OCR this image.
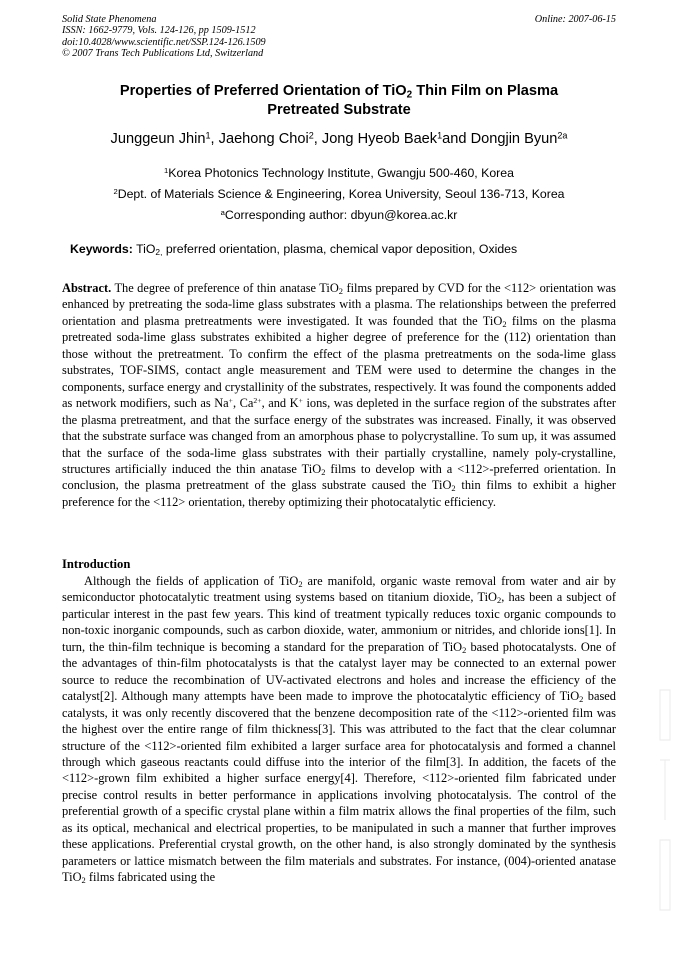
Solid State Phenomena
ISSN: 1662-9779, Vols. 124-126, pp 1509-1512
doi:10.4028/www.scientific.net/SSP.124-126.1509
© 2007 Trans Tech Publications Ltd, Switzerland
Online: 2007-06-15
Properties of Preferred Orientation of TiO$_2$ Thin Film on Plasma
Pretreated Substrate
Junggeun Jhin$^1$, Jaehong Choi$^2$, Jong Hyeob Baek$^1$and Dongjin Byun$^{2a}$
$^1$Korea Photonics Technology Institute, Gwangju 500-460, Korea
$^2$Dept. of Materials Science & Engineering, Korea University, Seoul 136-713, Korea
$^a$Corresponding author: dbyun@korea.ac.kr
Keywords: TiO$_{2,}$ preferred orientation, plasma, chemical vapor deposition, Oxides
Abstract. The degree of preference of thin anatase TiO$_2$ films prepared by CVD for the <112> orientation was enhanced by pretreating the soda-lime glass substrates with a plasma. The relationships between the preferred orientation and plasma pretreatments were investigated. It was founded that the TiO$_2$ films on the plasma pretreated soda-lime glass substrates exhibited a higher degree of preference for the (112) orientation than those without the pretreatment. To confirm the effect of the plasma pretreatments on the soda-lime glass substrates, TOF-SIMS, contact angle measurement and TEM were used to determine the changes in the components, surface energy and crystallinity of the substrates, respectively. It was found the components added as network modifiers, such as Na+, $Ca^{2+}$, and K+ ions, was depleted in the surface region of the substrates after the plasma pretreatment, and that the surface energy of the substrates was increased. Finally, it was observed that the substrate surface was changed from an amorphous phase to polycrystalline. To sum up, it was assumed that the surface of the soda-lime glass substrates with their partially crystalline, namely poly-crystalline, structures artificially induced the thin anatase TiO$_2$ films to develop with a <112>-preferred orientation. In conclusion, the plasma pretreatment of the glass substrate caused the TiO$_2$ thin films to exhibit a higher preference for the <112> orientation, thereby optimizing their photocatalytic efficiency.
Introduction
Although the fields of application of TiO$_2$ are manifold, organic waste removal from water and air by semiconductor photocatalytic treatment using systems based on titanium dioxide, TiO$_2$, has been a subject of particular interest in the past few years. This kind of treatment typically reduces toxic organic compounds to non-toxic inorganic compounds, such as carbon dioxide, water, ammonium or nitrides, and chloride ions[1]. In turn, the thin-film technique is becoming a standard for the preparation of TiO$_2$ based photocatalysts. One of the advantages of thin-film photocatalysts is that the catalyst layer may be connected to an external power source to reduce the recombination of UV-activated electrons and holes and increase the efficiency of the catalyst[2]. Although many attempts have been made to improve the photocatalytic efficiency of TiO$_2$ based catalysts, it was only recently discovered that the benzene decomposition rate of the <112>-oriented film was the highest over the entire range of film thickness[3]. This was attributed to the fact that the clear columnar structure of the <112>-oriented film exhibited a larger surface area for photocatalysis and formed a channel through which gaseous reactants could diffuse into the interior of the film[3]. In addition, the facets of the <112>-grown film exhibited a higher surface energy[4]. Therefore, <112>-oriented film fabricated under precise control results in better performance in applications involving photocatalysis. The control of the preferential growth of a specific crystal plane within a film matrix allows the final properties of the film, such as its optical, mechanical and electrical properties, to be manipulated in such a manner that further improves these applications. Preferential crystal growth, on the other hand, is also strongly dominated by the synthesis parameters or lattice mismatch between the film materials and substrates. For instance, (004)-oriented anatase TiO$_2$ films fabricated using the
